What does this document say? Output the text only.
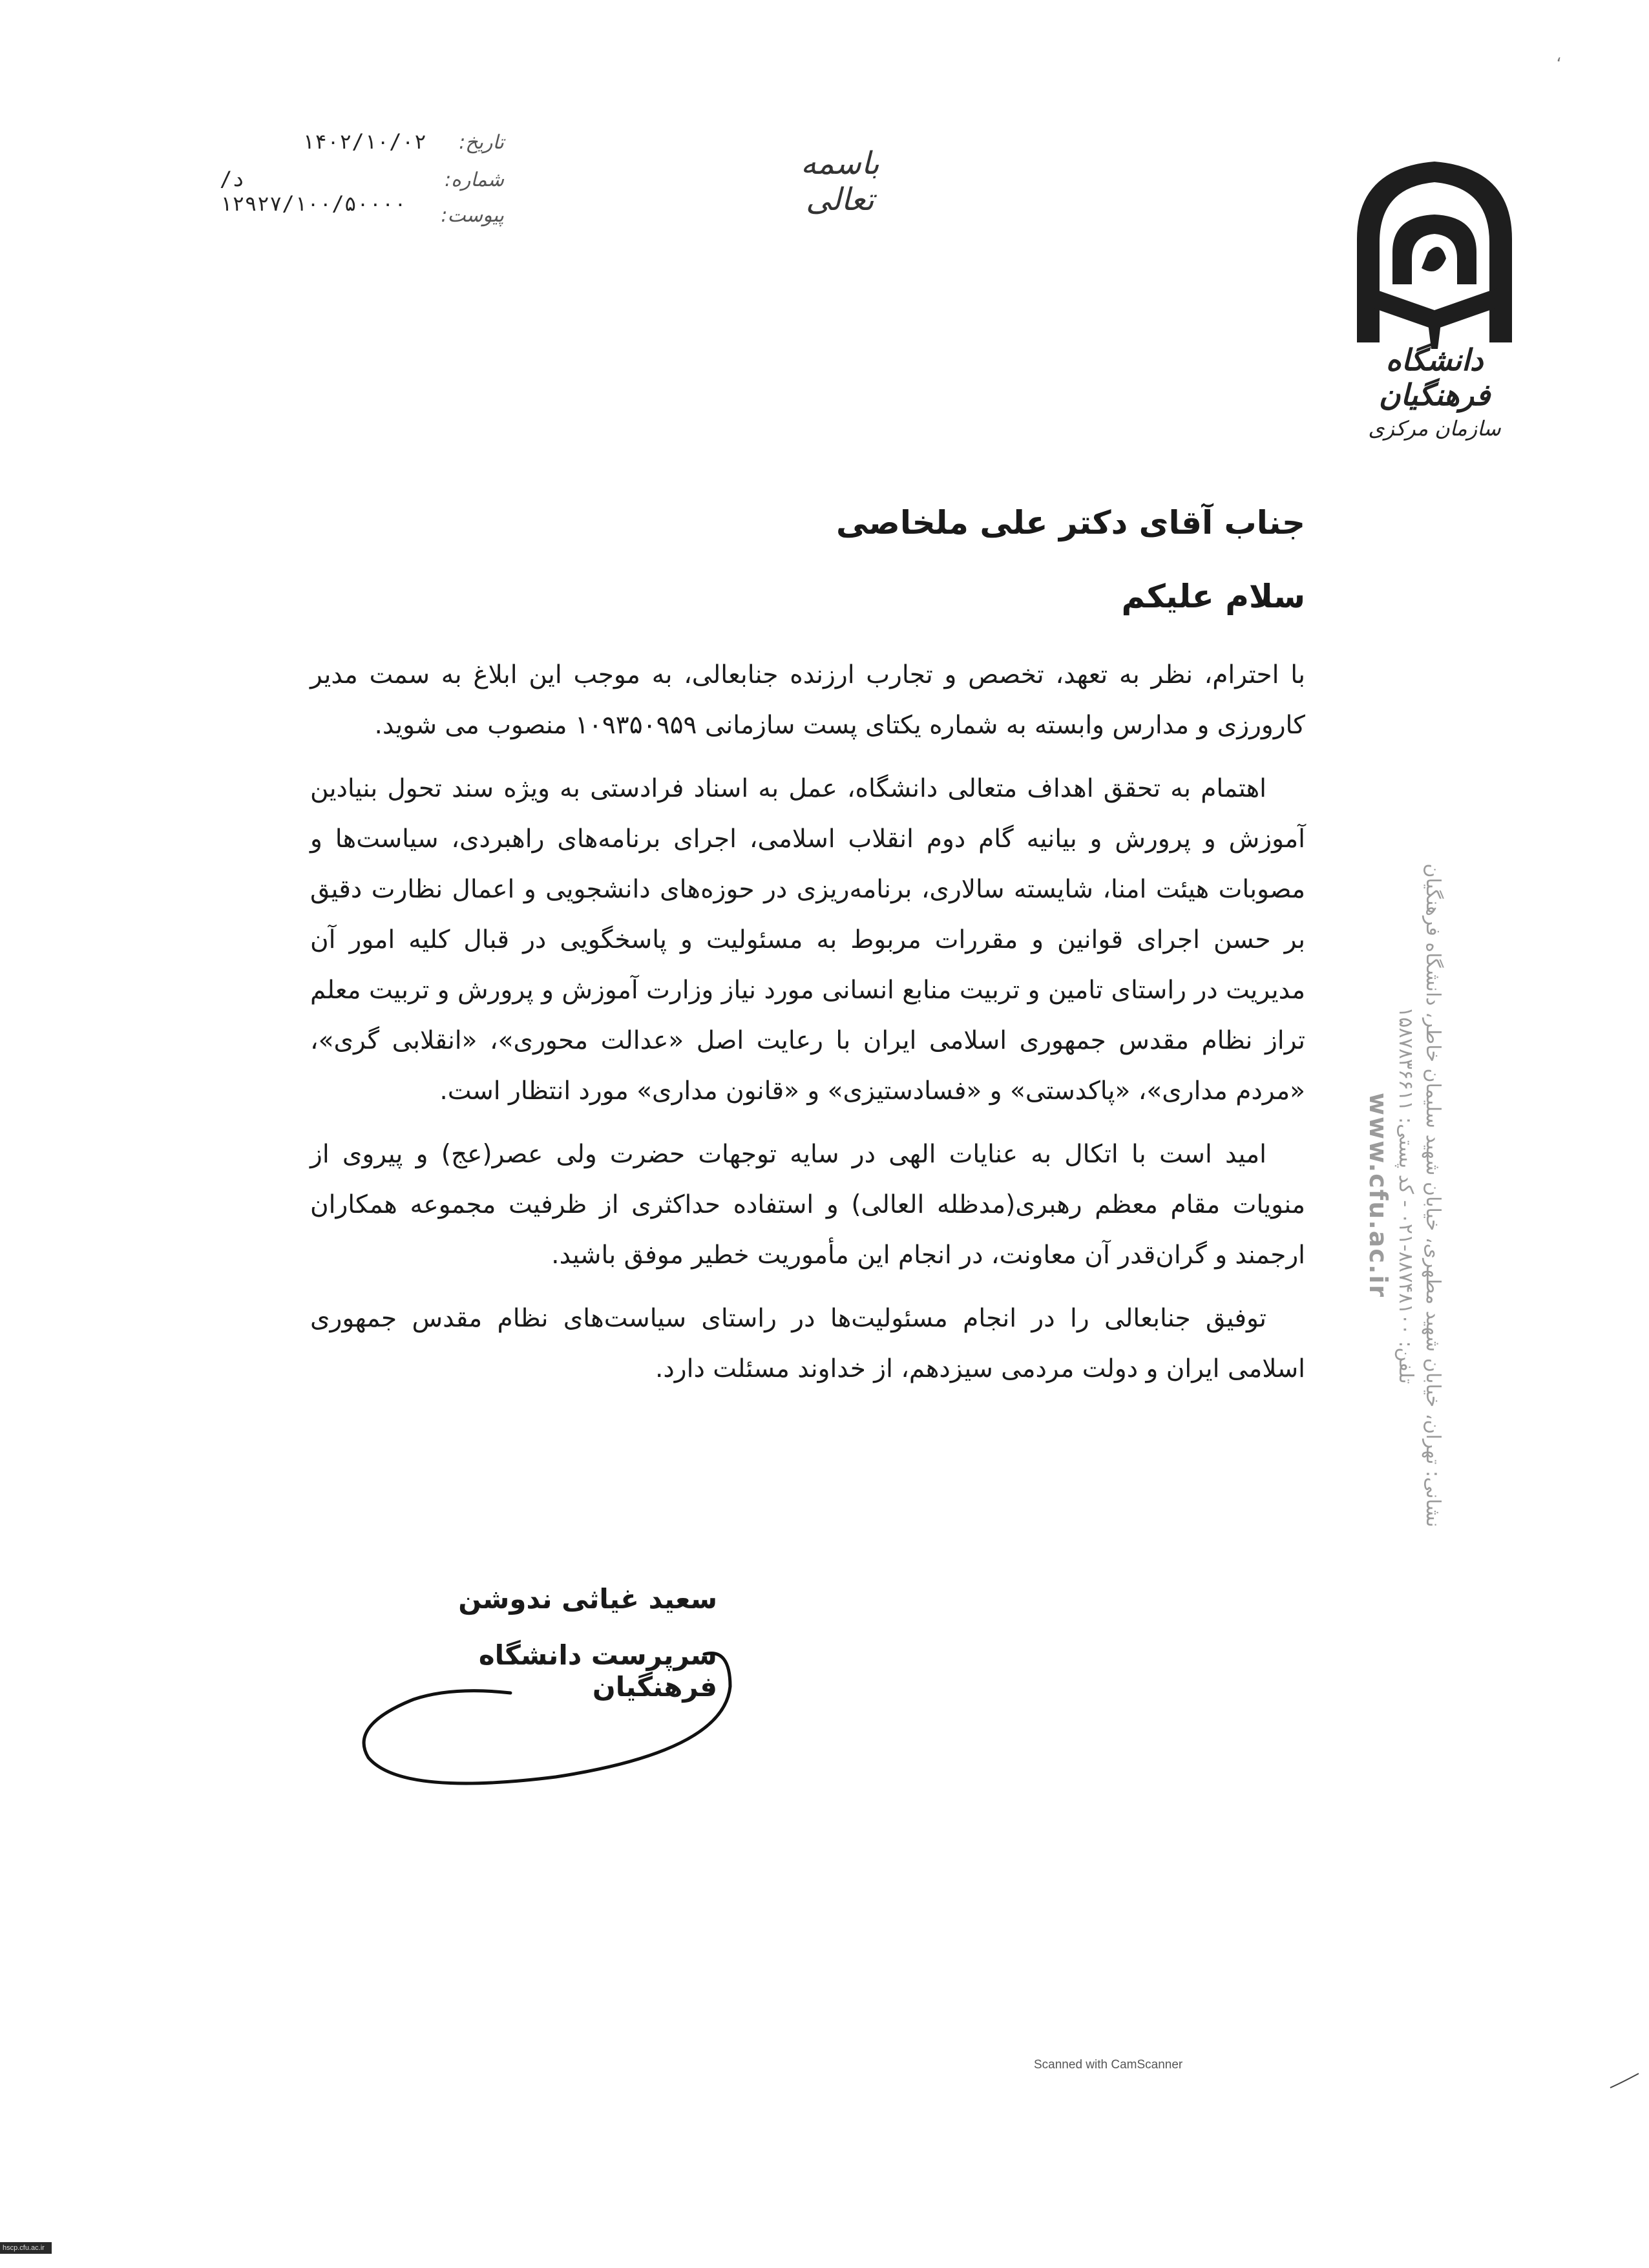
،
تاریخ:
۱۴۰۲/۱۰/۰۲
شماره:
د/۱۲۹۲۷/۱۰۰/۵۰۰۰۰	پیوست:
باسمه تعالی
دانشگاه فرهنگیان
سازمان مرکزی

جناب آقای دکتر علی ملخاصی

سلام علیکم

با احترام، نظر به تعهد، تخصص و تجارب ارزنده جنابعالی، به موجب این ابلاغ به سمت مدیر کارورزی و مدارس وابسته به شماره یکتای پست سازمانی ۱۰۹۳۵۰۹۵۹ منصوب می شوید.

اهتمام به تحقق اهداف متعالی دانشگاه، عمل به اسناد فرادستی به ویژه سند تحول بنیادین آموزش و پرورش و بیانیه گام دوم انقلاب اسلامی، اجرای برنامه‌های راهبردی، سیاست‌ها و مصوبات هیئت امنا، شایسته سالاری، برنامه‌ریزی در حوزه‌های دانشجویی و اعمال نظارت دقیق بر حسن اجرای قوانین و مقررات مربوط به مسئولیت و پاسخگویی در قبال کلیه امور آن مدیریت در راستای تامین و تربیت منابع انسانی مورد نیاز وزارت آموزش و پرورش و تربیت معلم تراز نظام مقدس جمهوری اسلامی ایران با رعایت اصل «عدالت محوری»، «انقلابی گری»، «مردم مداری»، «پاکدستی» و «فسادستیزی» و «قانون مداری» مورد انتظار است.

امید است با اتکال به عنایات الهی در سایه توجهات حضرت ولی عصر(عج) و پیروی از منویات مقام معظم رهبری(مدظله العالی) و استفاده حداکثری از ظرفیت مجموعه همکاران ارجمند و گران‌قدر آن معاونت، در انجام این مأموریت خطیر موفق باشید.

توفیق جنابعالی را در انجام مسئولیت‌ها در راستای سیاست‌های نظام مقدس جمهوری اسلامی ایران و دولت مردمی سیزدهم، از خداوند مسئلت دارد.

سعید غیاثی ندوشن
سرپرست دانشگاه فرهنگیان
نشانی: تهران، خیابان شهید مطهری، خیابان شهید سلیمان خاطر، دانشگاه فرهنگیان
تلفن: ۸۸۷۴۸۱۰۰-۰۲۱ - کد پستی: ۱۵۸۷۸۳۶۶۱۱
www.cfu.ac.ir
Scanned with CamScanner
hscp.cfu.ac.ir
